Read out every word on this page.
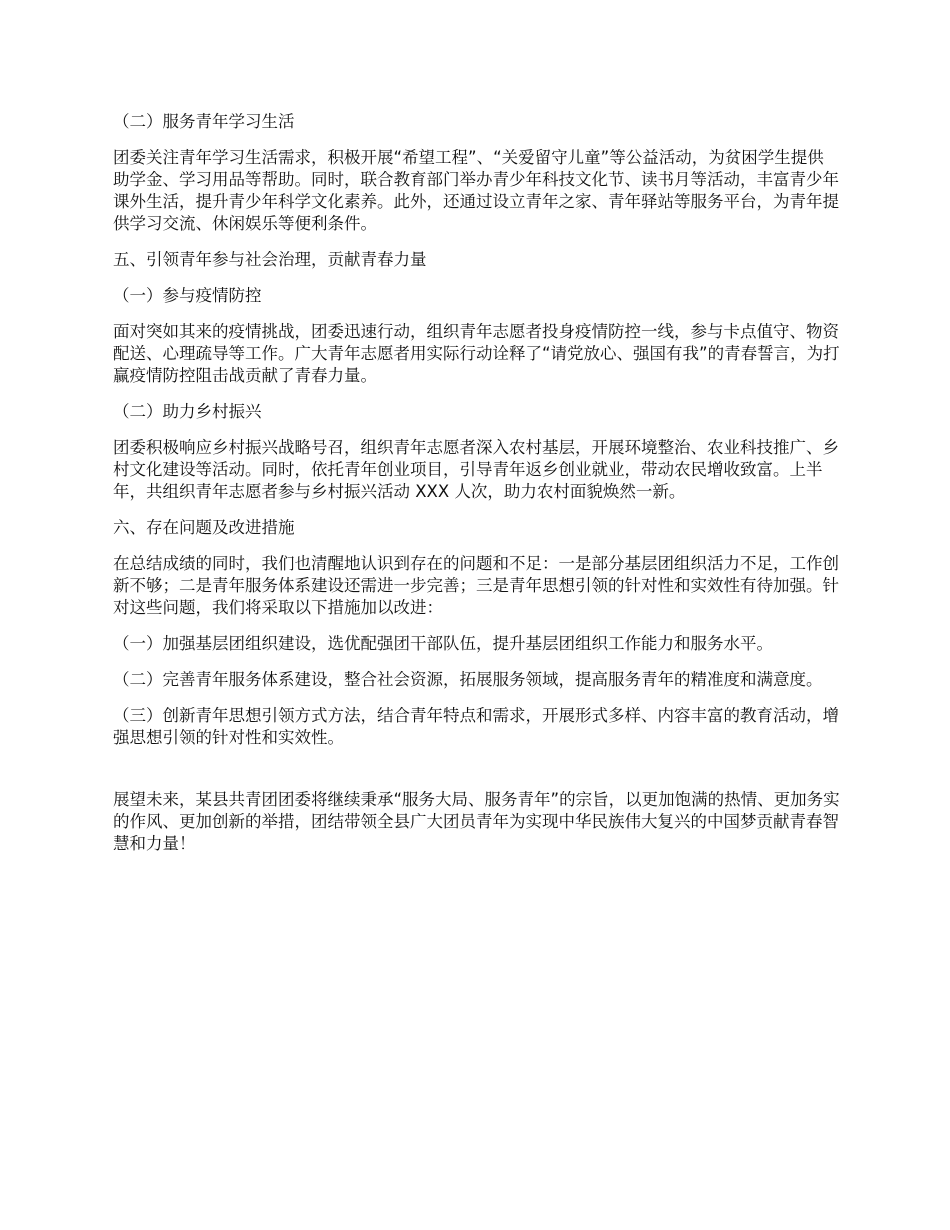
（二）服务青年学习生活

团委关注青年学习生活需求，积极开展“希望工程”、“关爱留守儿童”等公益活动，为贫困学生提供助学金、学习用品等帮助。同时，联合教育部门举办青少年科技文化节、读书月等活动，丰富青少年课外生活，提升青少年科学文化素养。此外，还通过设立青年之家、青年驿站等服务平台，为青年提供学习交流、休闲娱乐等便利条件。

五、引领青年参与社会治理，贡献青春力量

（一）参与疫情防控

面对突如其来的疫情挑战，团委迅速行动，组织青年志愿者投身疫情防控一线，参与卡点值守、物资配送、心理疏导等工作。广大青年志愿者用实际行动诠释了“请党放心、强国有我”的青春誓言，为打赢疫情防控阻击战贡献了青春力量。

（二）助力乡村振兴

团委积极响应乡村振兴战略号召，组织青年志愿者深入农村基层，开展环境整治、农业科技推广、乡村文化建设等活动。同时，依托青年创业项目，引导青年返乡创业就业，带动农民增收致富。上半年，共组织青年志愿者参与乡村振兴活动 XXX 人次，助力农村面貌焕然一新。

六、存在问题及改进措施

在总结成绩的同时，我们也清醒地认识到存在的问题和不足：一是部分基层团组织活力不足，工作创新不够；二是青年服务体系建设还需进一步完善；三是青年思想引领的针对性和实效性有待加强。针对这些问题，我们将采取以下措施加以改进：

（一）加强基层团组织建设，选优配强团干部队伍，提升基层团组织工作能力和服务水平。

（二）完善青年服务体系建设，整合社会资源，拓展服务领域，提高服务青年的精准度和满意度。

（三）创新青年思想引领方式方法，结合青年特点和需求，开展形式多样、内容丰富的教育活动，增强思想引领的针对性和实效性。

展望未来，某县共青团团委将继续秉承“服务大局、服务青年”的宗旨，以更加饱满的热情、更加务实的作风、更加创新的举措，团结带领全县广大团员青年为实现中华民族伟大复兴的中国梦贡献青春智慧和力量！
